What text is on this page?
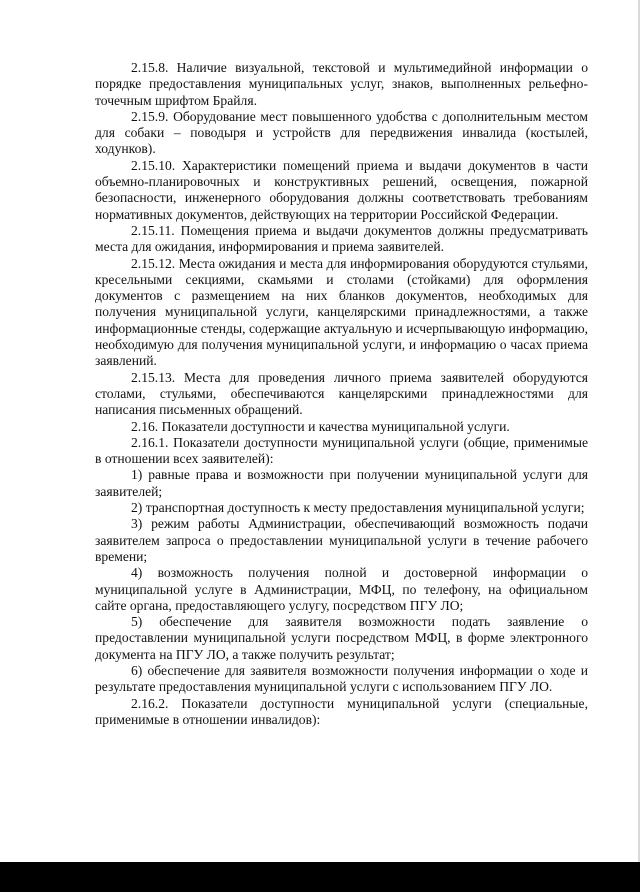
2.15.8. Наличие визуальной, текстовой и мультимедийной информации о порядке предоставления муниципальных услуг, знаков, выполненных рельефно-точечным шрифтом Брайля.

2.15.9. Оборудование мест повышенного удобства с дополнительным местом для собаки – поводыря и устройств для передвижения инвалида (костылей, ходунков).

2.15.10. Характеристики помещений приема и выдачи документов в части объемно-планировочных и конструктивных решений, освещения, пожарной безопасности, инженерного оборудования должны соответствовать требованиям нормативных документов, действующих на территории Российской Федерации.

2.15.11. Помещения приема и выдачи документов должны предусматривать места для ожидания, информирования и приема заявителей.

2.15.12. Места ожидания и места для информирования оборудуются стульями, кресельными секциями, скамьями и столами (стойками) для оформления документов с размещением на них бланков документов, необходимых для получения муниципальной услуги, канцелярскими принадлежностями, а также информационные стенды, содержащие актуальную и исчерпывающую информацию, необходимую для получения муниципальной услуги, и информацию о часах приема заявлений.

2.15.13. Места для проведения личного приема заявителей оборудуются столами, стульями, обеспечиваются канцелярскими принадлежностями для написания письменных обращений.

2.16. Показатели доступности и качества муниципальной услуги.

2.16.1. Показатели доступности муниципальной услуги (общие, применимые в отношении всех заявителей):

1) равные права и возможности при получении муниципальной услуги для заявителей;

2) транспортная доступность к месту предоставления муниципальной услуги;

3) режим работы Администрации, обеспечивающий возможность подачи заявителем запроса о предоставлении муниципальной услуги в течение рабочего времени;

4) возможность получения полной и достоверной информации о муниципальной услуге в Администрации, МФЦ, по телефону, на официальном сайте органа, предоставляющего услугу, посредством ПГУ ЛО;

5) обеспечение для заявителя возможности подать заявление о предоставлении муниципальной услуги посредством МФЦ, в форме электронного документа на ПГУ ЛО, а также получить результат;

6) обеспечение для заявителя возможности получения информации о ходе и результате предоставления муниципальной услуги с использованием ПГУ ЛО.

2.16.2. Показатели доступности муниципальной услуги (специальные, применимые в отношении инвалидов):
